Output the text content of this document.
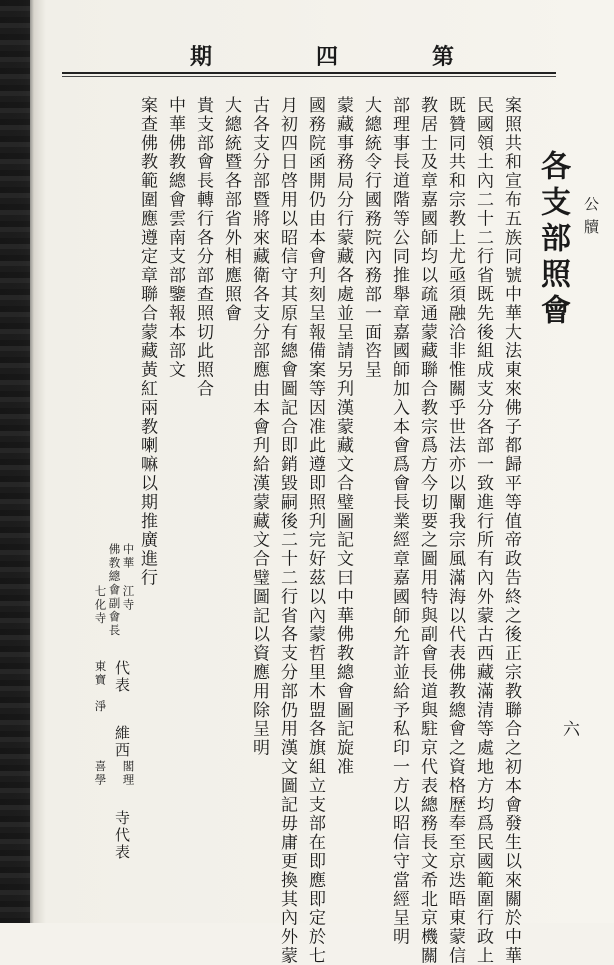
第
四
期
公牘
各支部照會
六
案照共和宣布五族同號中華大法東來佛子都歸平等值帝政告終之後正宗教聯合之初本會發生以來關於中華
民國領土內二十二行省既先後組成支分各部一致進行所有內外蒙古西藏滿清等處地方均爲民國範圍行政上
既贊同共和宗教上尤亟須融洽非惟關乎世法亦以闡我宗風滿海以代表佛教總會之資格歷奉至京迭晤東蒙信
教居士及章嘉國師均以疏通蒙藏聯合教宗爲方今切要之圖用特與副會長道與駐京代表總務長文希北京機關
部理事長道階等公同推舉章嘉國師加入本會爲會長業經章嘉國師允許並給予私印一方以昭信守當經呈明
大總統令行國務院內務部一面咨呈
蒙藏事務局分行蒙藏各處並呈請另刋漢蒙藏文合璧圖記文曰中華佛教總會圖記旋准
國務院函開仍由本會刋刻呈報備案等因准此遵即照刋完好茲以內蒙哲里木盟各旗組立支部在即應即定於七
月初四日啓用以昭信守其原有總會圖記合即銷毀嗣後二十二行省各支分部仍用漢文圖記毋庸更換其內外蒙
古各支分部暨將來藏衛各支分部應由本會刋給漢蒙藏文合璧圖記以資應用除呈明
大總統暨各部省外相應照會
貴支部會長轉行各分部查照切此照合
中華佛教總會雲南支部鑒報本部文
案查佛教範圍應遵定章聯合蒙藏黃紅兩教喇嘛以期推廣進行
中華
佛教總會副會長 江寺
七化寺
代表
東寶
淨
維西
喜學 閣理
寺代表
